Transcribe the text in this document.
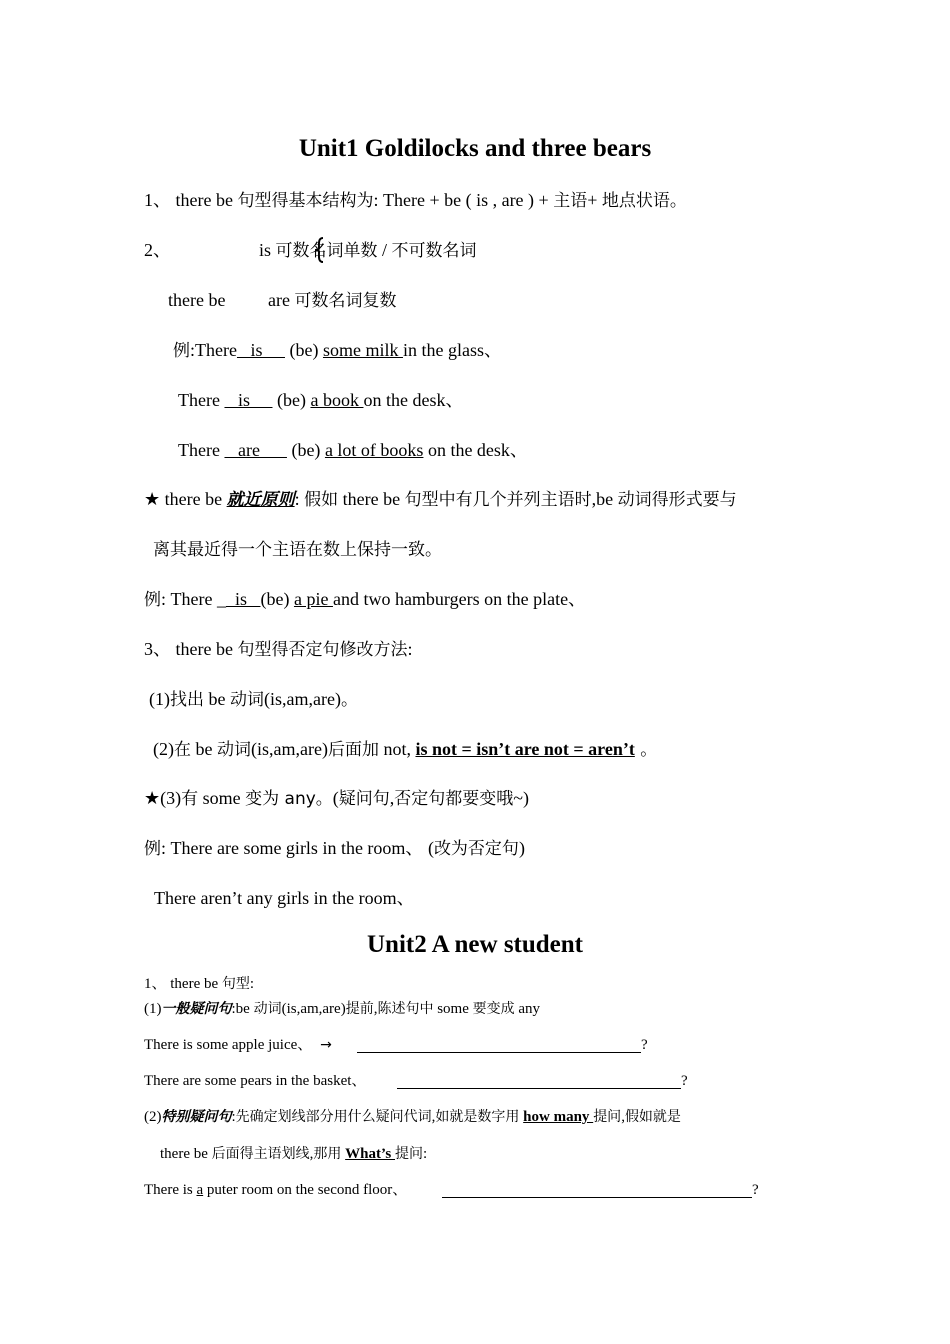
Unit1 Goldilocks and three bears
1、 there be 句型得基本结构为: There + be ( is , are ) + 主语+ 地点状语。
2、	is 可数名词单数 / 不可数名词
there be are 可数名词复数
例:There   is      (be) some milk in the glass、
There    is      (be) a book on the desk、
There    are       (be) a lot of books on the desk、
★ there be 就近原则: 假如 there be 句型中有几个并列主语时,be 动词得形式要与
离其最近得一个主语在数上保持一致。
例: There _  is   (be) a pie and two hamburgers on the plate、
3、 there be 句型得否定句修改方法:
(1)找出 be 动词(is,am,are)。
(2)在 be 动词(is,am,are)后面加 not, is not = isn’t are not = aren’t 。
★(3)有 some 变为 any。(疑问句,否定句都要变哦~)
例: There are some girls in the room、 (改为否定句)
There aren’t any girls in the room、
Unit2 A new student
1、 there be 句型:
(1)一般疑问句:be 动词(is,am,are)提前,陈述句中 some 要变成 any
There is some apple juice、 →	?
There are some pears in the basket、	?
(2)特别疑问句:先确定划线部分用什么疑问代词,如就是数字用 how many 提问,假如就是
there be 后面得主语划线,那用 What’s 提问:
There is a puter room on the second floor、	?
